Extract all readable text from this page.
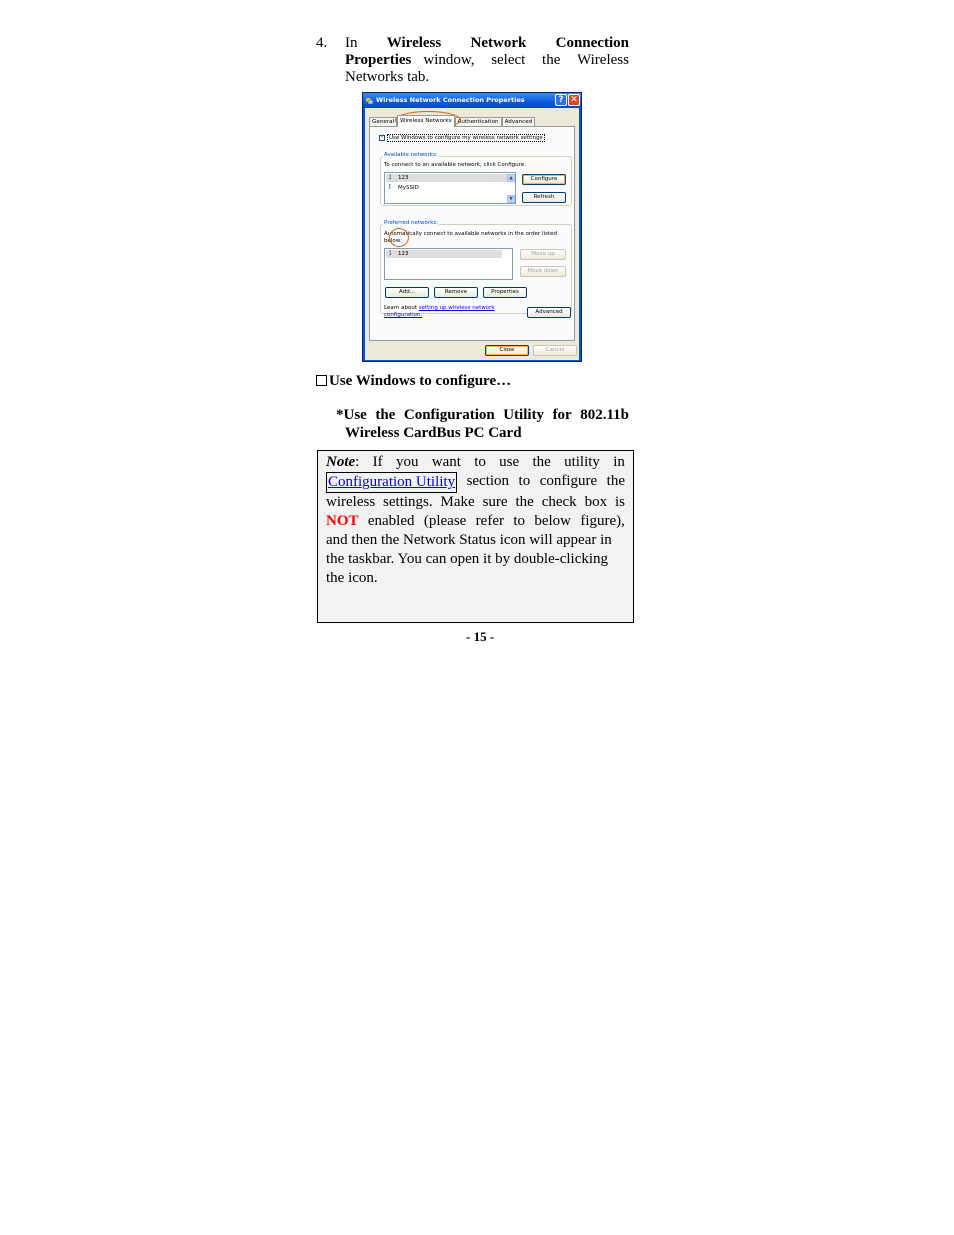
4. In Wireless Network Connection
Properties window, select the Wireless
Networks tab.
Wireless Network Connection Properties	? ✕
General	Wireless Networks	Authentication	Advanced
✓
Use Windows to configure my wireless network settings
Available networks:
To connect to an available network, click Configure.
⟟ 123
ǐ MySSID
▲
▼
Configure
Refresh
Preferred networks:
Automatically connect to available networks in the order listed
below:
⟟ 123	Move up
Move down
Add...	Remove	Properties
Learn about setting up wireless network
configuration.	Advanced
Close	Cancel
Use Windows to configure…
*Use the Configuration Utility for 802.11b
Wireless CardBus PC Card
Note: If you want to use the utility in
Configuration Utility section to configure the
wireless settings. Make sure the check box is
NOT enabled (please refer to below figure),
and then the Network Status icon will appear in
the taskbar. You can open it by double-clicking
the icon.
- 15 -
